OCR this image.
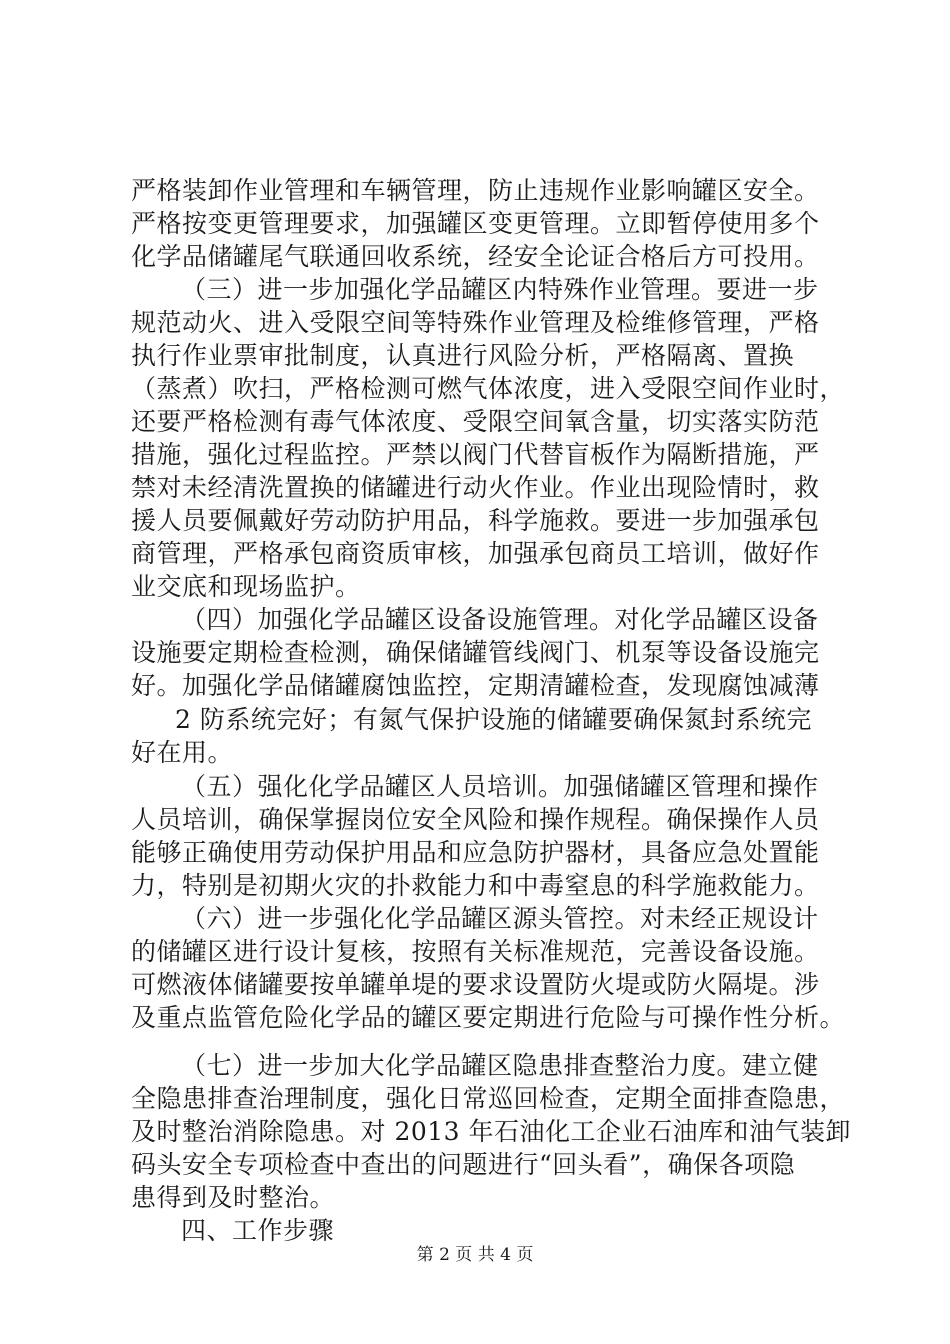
严格装卸作业管理和车辆管理，防止违规作业影响罐区安全。
严格按变更管理要求，加强罐区变更管理。立即暂停使用多个
化学品储罐尾气联通回收系统，经安全论证合格后方可投用。
（三）进一步加强化学品罐区内特殊作业管理。要进一步
规范动火、进入受限空间等特殊作业管理及检维修管理，严格
执行作业票审批制度，认真进行风险分析，严格隔离、置换
（蒸煮）吹扫，严格检测可燃气体浓度，进入受限空间作业时，
还要严格检测有毒气体浓度、受限空间氧含量，切实落实防范
措施，强化过程监控。严禁以阀门代替盲板作为隔断措施，严
禁对未经清洗置换的储罐进行动火作业。作业出现险情时，救
援人员要佩戴好劳动防护用品，科学施救。要进一步加强承包
商管理，严格承包商资质审核，加强承包商员工培训，做好作
业交底和现场监护。
（四）加强化学品罐区设备设施管理。对化学品罐区设备
设施要定期检查检测，确保储罐管线阀门、机泵等设备设施完
好。加强化学品储罐腐蚀监控，定期清罐检查，发现腐蚀减薄
2 防系统完好；有氮气保护设施的储罐要确保氮封系统完
好在用。
（五）强化化学品罐区人员培训。加强储罐区管理和操作
人员培训，确保掌握岗位安全风险和操作规程。确保操作人员
能够正确使用劳动保护用品和应急防护器材，具备应急处置能
力，特别是初期火灾的扑救能力和中毒窒息的科学施救能力。
（六）进一步强化化学品罐区源头管控。对未经正规设计
的储罐区进行设计复核，按照有关标准规范，完善设备设施。
可燃液体储罐要按单罐单堤的要求设置防火堤或防火隔堤。涉
及重点监管危险化学品的罐区要定期进行危险与可操作性分析。
（七）进一步加大化学品罐区隐患排查整治力度。建立健
全隐患排查治理制度，强化日常巡回检查，定期全面排查隐患，
及时整治消除隐患。对 2013 年石油化工企业石油库和油气装卸
码头安全专项检查中查出的问题进行“回头看”，确保各项隐
患得到及时整治。
四、工作步骤
第 2 页 共 4 页
